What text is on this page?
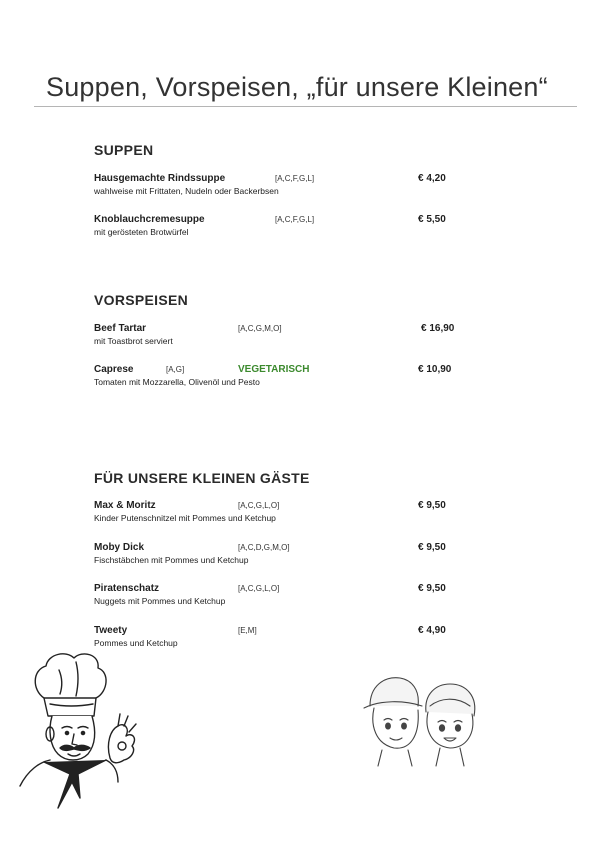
Suppen, Vorspeisen, „für unsere Kleinen“
SUPPEN
Hausgemachte Rindssuppe	[A,C,F,G,L]	€ 4,20
wahlweise mit Frittaten, Nudeln oder Backerbsen
Knoblauchcremesuppe	[A,C,F,G,L]	€ 5,50
mit gerösteten Brotwürfel
VORSPEISEN
Beef Tartar	[A,C,G,M,O]	€ 16,90
mit Toastbrot serviert
Caprese	[A,G]	VEGETARISCH	€ 10,90
Tomaten mit Mozzarella, Olivenöl und Pesto
FÜR UNSERE KLEINEN GÄSTE
Max & Moritz	[A,C,G,L,O]	€ 9,50
Kinder Putenschnitzel mit Pommes und Ketchup
Moby Dick	[A,C,D,G,M,O]	€ 9,50
Fischstäbchen mit Pommes und Ketchup
Piratenschatz	[A,C,G,L,O]	€ 9,50
Nuggets mit Pommes und Ketchup
Tweety	[E,M]	€ 4,90
Pommes und Ketchup
